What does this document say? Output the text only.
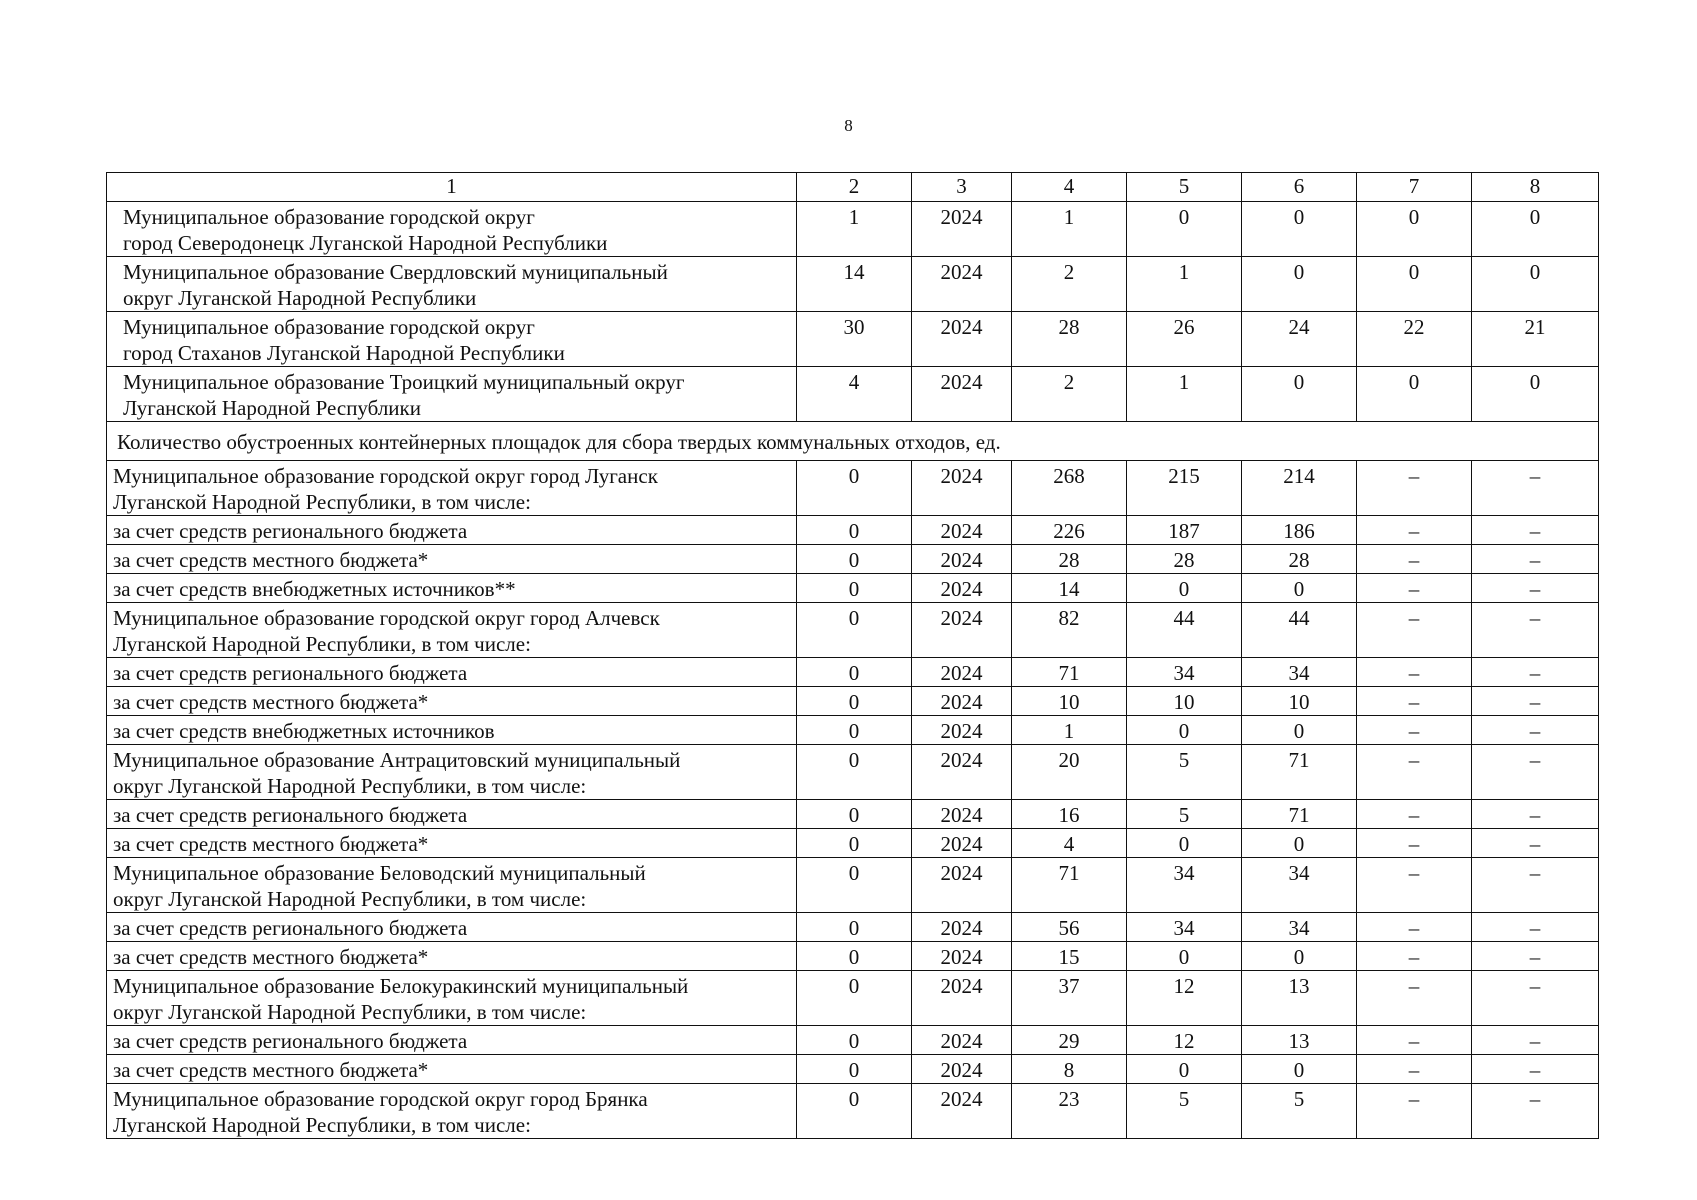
8
1	2	3	4	5	6	7	8
Муниципальное образование городской округ
город Северодонецк Луганской Народной Республики	1	2024	1	0	0	0	0
Муниципальное образование Свердловский муниципальный
округ Луганской Народной Республики	14	2024	2	1	0	0	0
Муниципальное образование городской округ
город Стаханов Луганской Народной Республики	30	2024	28	26	24	22	21
Муниципальное образование Троицкий муниципальный округ
Луганской Народной Республики	4	2024	2	1	0	0	0
Количество обустроенных контейнерных площадок для сбора твердых коммунальных отходов, ед.							
Муниципальное образование городской округ город Луганск
Луганской Народной Республики, в том числе:	0	2024	268	215	214	–	–
за счет средств регионального бюджета	0	2024	226	187	186	–	–
за счет средств местного бюджета*	0	2024	28	28	28	–	–
за счет средств внебюджетных источников**	0	2024	14	0	0	–	–
Муниципальное образование городской округ город Алчевск
Луганской Народной Республики, в том числе:	0	2024	82	44	44	–	–
за счет средств регионального бюджета	0	2024	71	34	34	–	–
за счет средств местного бюджета*	0	2024	10	10	10	–	–
за счет средств внебюджетных источников	0	2024	1	0	0	–	–
Муниципальное образование Антрацитовский муниципальный
округ Луганской Народной Республики, в том числе:	0	2024	20	5	71	–	–
за счет средств регионального бюджета	0	2024	16	5	71	–	–
за счет средств местного бюджета*	0	2024	4	0	0	–	–
Муниципальное образование Беловодский муниципальный
округ Луганской Народной Республики, в том числе:	0	2024	71	34	34	–	–
за счет средств регионального бюджета	0	2024	56	34	34	–	–
за счет средств местного бюджета*	0	2024	15	0	0	–	–
Муниципальное образование Белокуракинский муниципальный
округ Луганской Народной Республики, в том числе:	0	2024	37	12	13	–	–
за счет средств регионального бюджета	0	2024	29	12	13	–	–
за счет средств местного бюджета*	0	2024	8	0	0	–	–
Муниципальное образование городской округ город Брянка
Луганской Народной Республики, в том числе:	0	2024	23	5	5	–	–
